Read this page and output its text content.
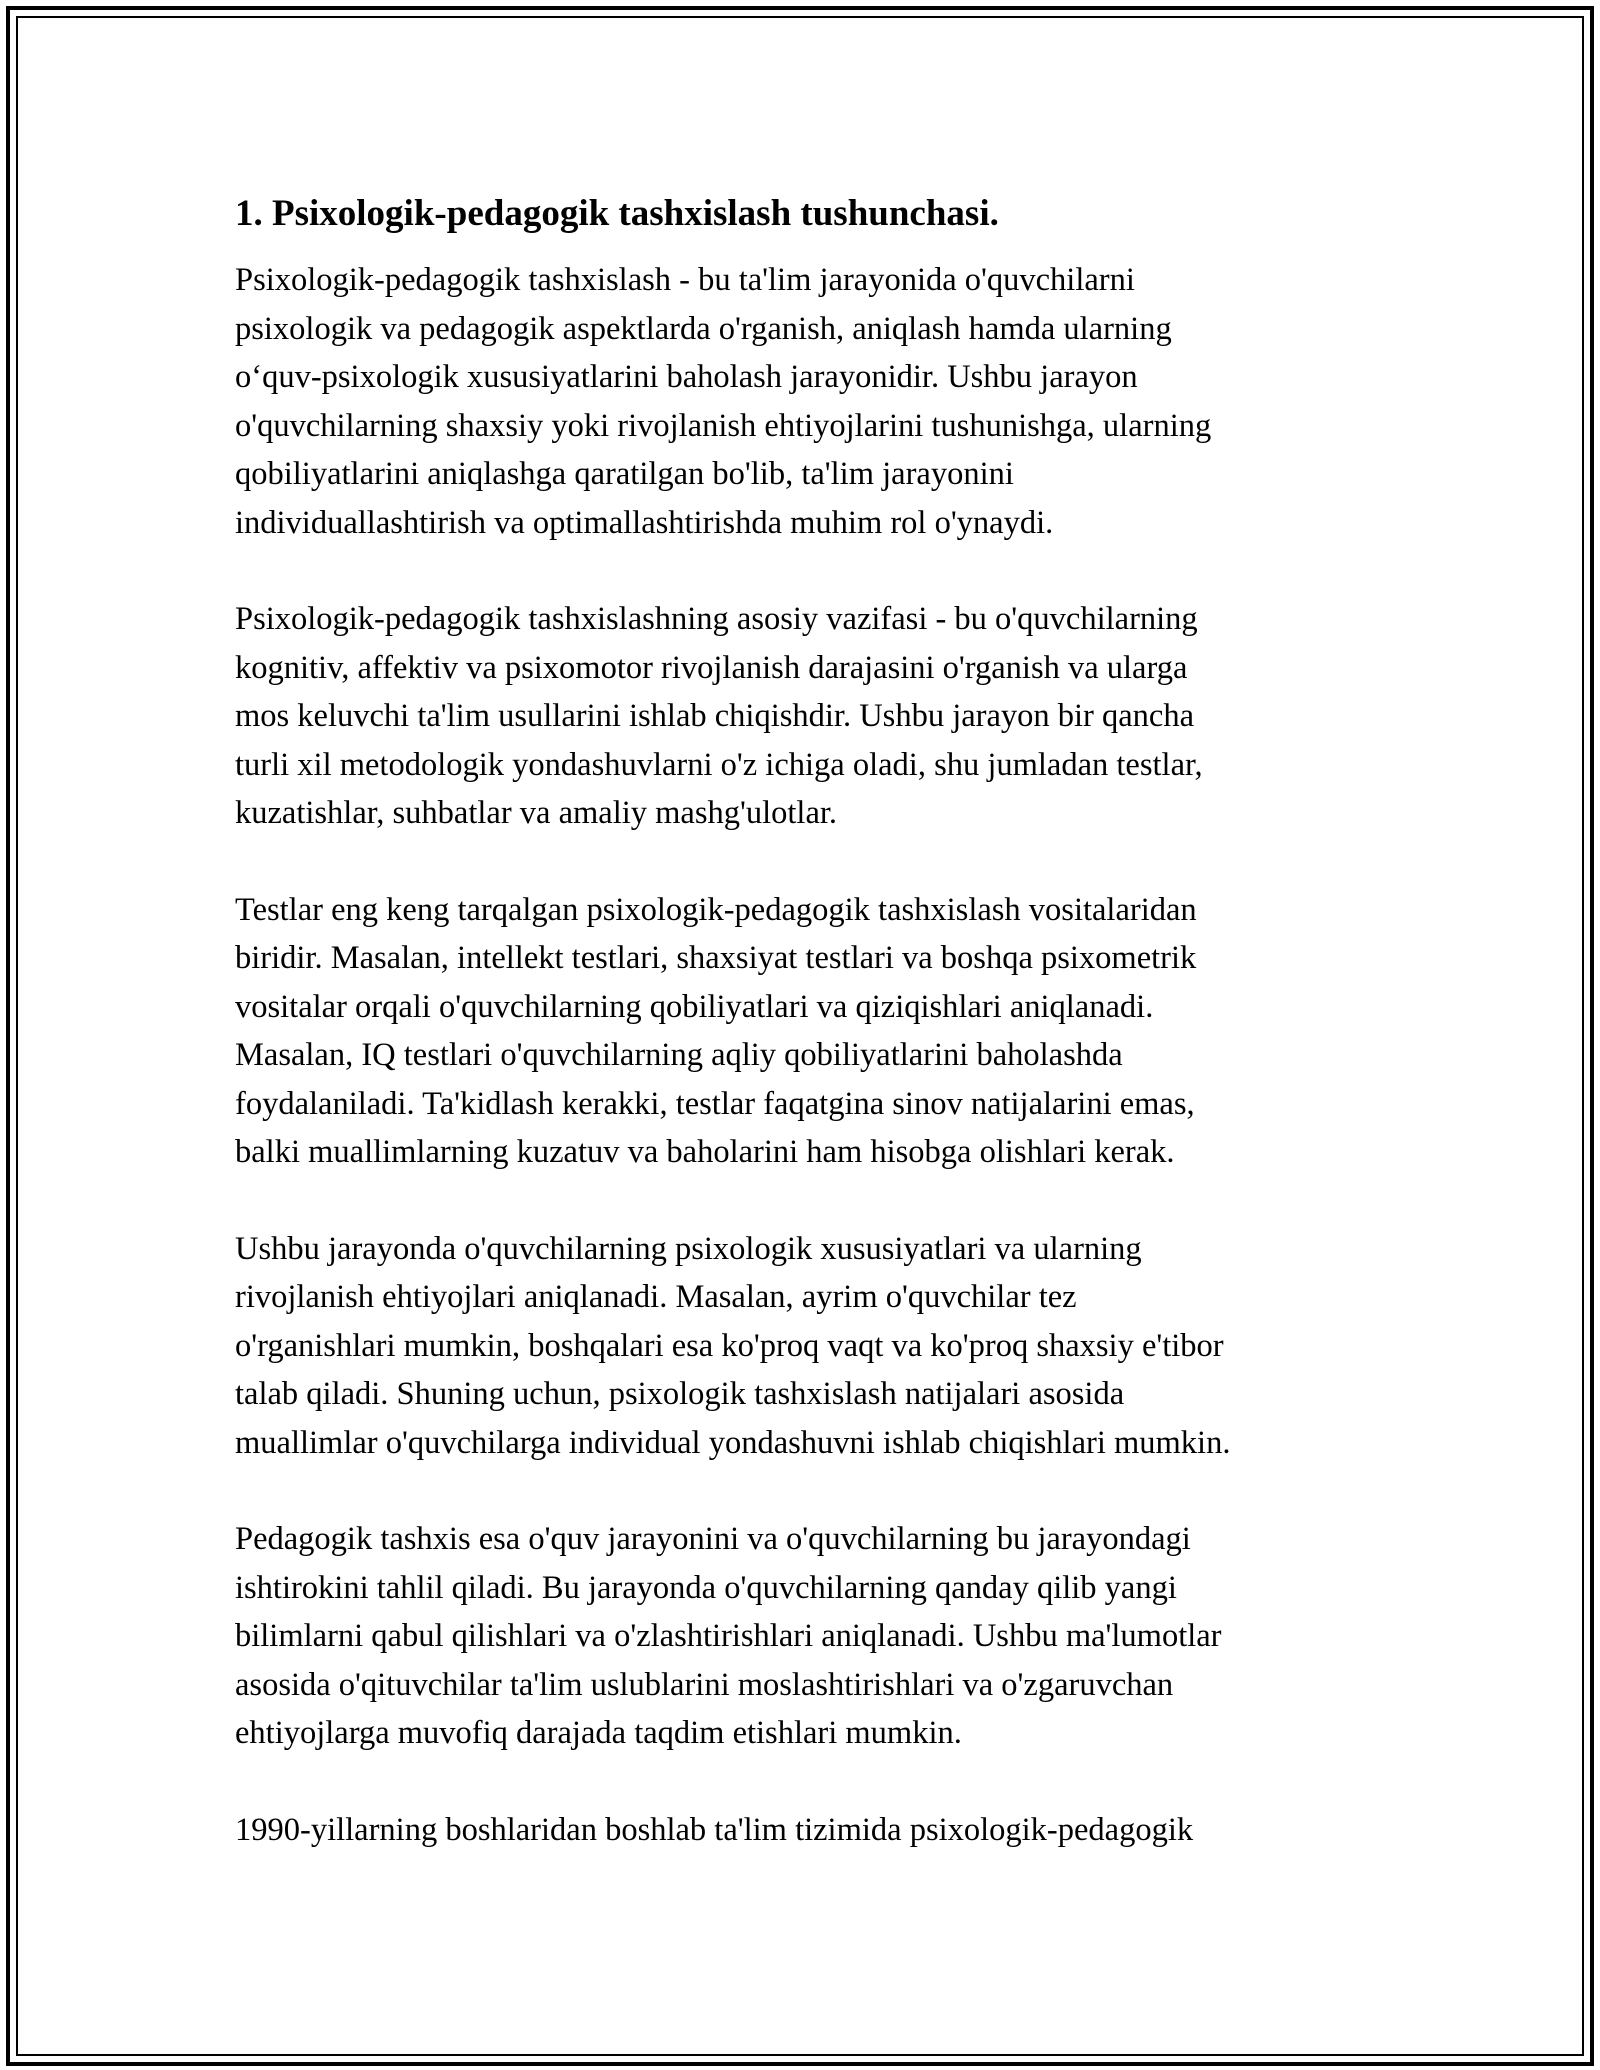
1. Psixologik-pedagogik tashxislash tushunchasi.

Psixologik-pedagogik tashxislash - bu ta'lim jarayonida o'quvchilarni
psixologik va pedagogik aspektlarda o'rganish, aniqlash hamda ularning
o‘quv-psixologik xususiyatlarini baholash jarayonidir. Ushbu jarayon
o'quvchilarning shaxsiy yoki rivojlanish ehtiyojlarini tushunishga, ularning
qobiliyatlarini aniqlashga qaratilgan bo'lib, ta'lim jarayonini
individuallashtirish va optimallashtirishda muhim rol o'ynaydi.

Psixologik-pedagogik tashxislashning asosiy vazifasi - bu o'quvchilarning
kognitiv, affektiv va psixomotor rivojlanish darajasini o'rganish va ularga
mos keluvchi ta'lim usullarini ishlab chiqishdir. Ushbu jarayon bir qancha
turli xil metodologik yondashuvlarni o'z ichiga oladi, shu jumladan testlar,
kuzatishlar, suhbatlar va amaliy mashg'ulotlar.

Testlar eng keng tarqalgan psixologik-pedagogik tashxislash vositalaridan
biridir. Masalan, intellekt testlari, shaxsiyat testlari va boshqa psixometrik
vositalar orqali o'quvchilarning qobiliyatlari va qiziqishlari aniqlanadi.
Masalan, IQ testlari o'quvchilarning aqliy qobiliyatlarini baholashda
foydalaniladi. Ta'kidlash kerakki, testlar faqatgina sinov natijalarini emas,
balki muallimlarning kuzatuv va baholarini ham hisobga olishlari kerak.

Ushbu jarayonda o'quvchilarning psixologik xususiyatlari va ularning
rivojlanish ehtiyojlari aniqlanadi. Masalan, ayrim o'quvchilar tez
o'rganishlari mumkin, boshqalari esa ko'proq vaqt va ko'proq shaxsiy e'tibor
talab qiladi. Shuning uchun, psixologik tashxislash natijalari asosida
muallimlar o'quvchilarga individual yondashuvni ishlab chiqishlari mumkin.

Pedagogik tashxis esa o'quv jarayonini va o'quvchilarning bu jarayondagi
ishtirokini tahlil qiladi. Bu jarayonda o'quvchilarning qanday qilib yangi
bilimlarni qabul qilishlari va o'zlashtirishlari aniqlanadi. Ushbu ma'lumotlar
asosida o'qituvchilar ta'lim uslublarini moslashtirishlari va o'zgaruvchan
ehtiyojlarga muvofiq darajada taqdim etishlari mumkin.

1990-yillarning boshlaridan boshlab ta'lim tizimida psixologik-pedagogik
